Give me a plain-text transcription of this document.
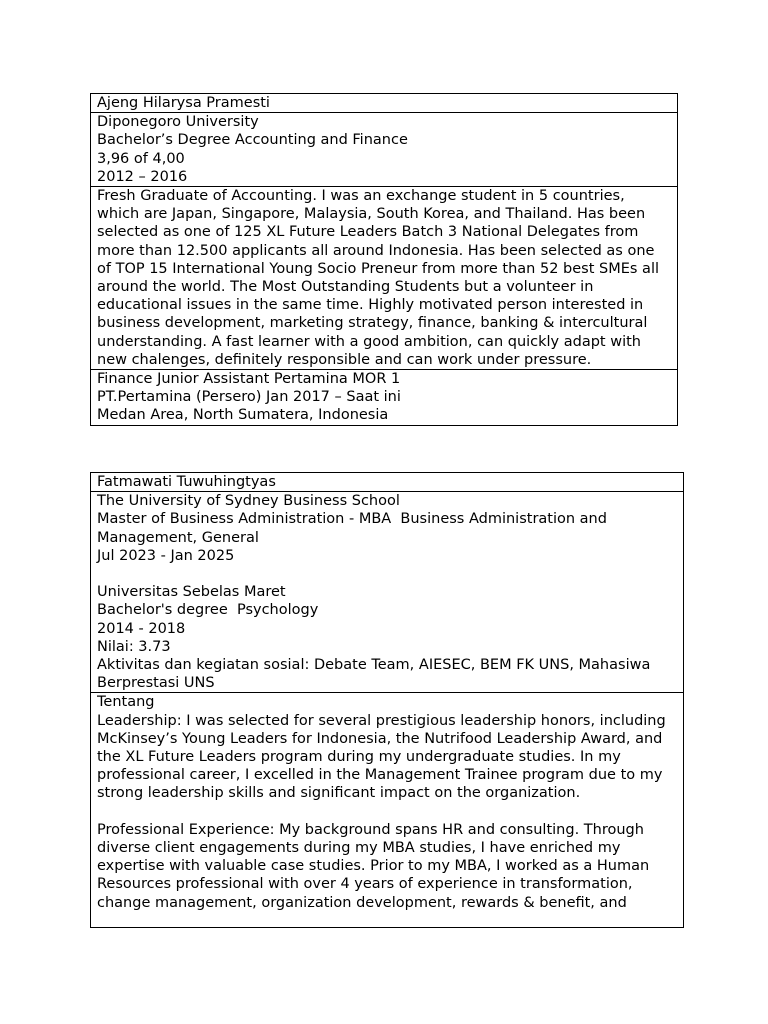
Ajeng Hilarysa Pramesti

Diponegoro University
Bachelor’s Degree Accounting and Finance
3,96 of 4,00
2012 – 2016

Fresh Graduate of Accounting. I was an exchange student in 5 countries, which are Japan, Singapore, Malaysia, South Korea, and Thailand. Has been selected as one of 125 XL Future Leaders Batch 3 National Delegates from more than 12.500 applicants all around Indonesia. Has been selected as one of TOP 15 International Young Socio Preneur from more than 52 best SMEs all around the world. The Most Outstanding Students but a volunteer in educational issues in the same time. Highly motivated person interested in business development, marketing strategy, finance, banking & intercultural understanding. A fast learner with a good ambition, can quickly adapt with new chalenges, definitely responsible and can work under pressure.

Finance Junior Assistant Pertamina MOR 1
PT.Pertamina (Persero) Jan 2017 – Saat ini
Medan Area, North Sumatera, Indonesia
Fatmawati Tuwuhingtyas

The University of Sydney Business School
Master of Business Administration - MBA  Business Administration and Management, General
Jul 2023 - Jan 2025
Universitas Sebelas Maret
Bachelor's degree  Psychology
2014 - 2018
Nilai: 3.73
Aktivitas dan kegiatan sosial: Debate Team, AIESEC, BEM FK UNS, Mahasiwa Berprestasi UNS

Tentang
Leadership: I was selected for several prestigious leadership honors, including McKinsey’s Young Leaders for Indonesia, the Nutrifood Leadership Award, and the XL Future Leaders program during my undergraduate studies. In my professional career, I excelled in the Management Trainee program due to my strong leadership skills and significant impact on the organization.
Professional Experience: My background spans HR and consulting. Through diverse client engagements during my MBA studies, I have enriched my expertise with valuable case studies. Prior to my MBA, I worked as a Human Resources professional with over 4 years of experience in transformation, change management, organization development, rewards & benefit, and
